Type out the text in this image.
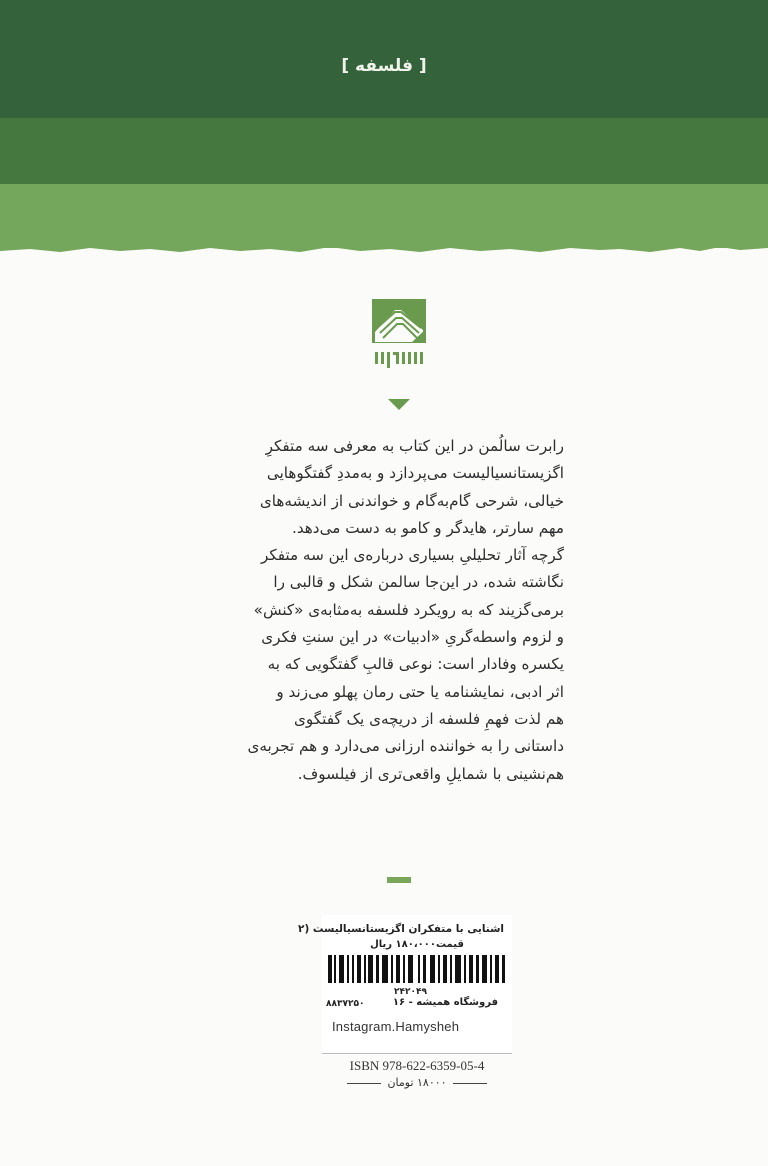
[ فلسفه ]
رابرت سالُمن در این کتاب به معرفی سه متفکرِ
اگزیستانسیالیست می‌پردازد و به‌مددِ گفتگوهایی
خیالی، شرحی گام‌به‌گام و خواندنی از اندیشه‌های
مهم سارتر، هایدگر و کامو به دست می‌دهد.
گرچه آثار تحلیلیِ بسیاری درباره‌ی این سه متفکر
نگاشته شده، در این‌جا سالمن شکل و قالبی را
برمی‌گزیند که به رویکرد فلسفه به‌مثابه‌ی «کنش»
و لزوم واسطه‌گریِ «ادبیات» در این سنتِ فکری
یکسره وفادار است: نوعی قالبِ گفتگویی که به
اثر ادبی، نمایشنامه یا حتی رمان پهلو می‌زند و
هم لذت فهمِ فلسفه از دریچه‌ی یک گفتگوی
داستانی را به خواننده ارزانی می‌دارد و هم تجربه‌ی
هم‌نشینی با شمایلِ واقعی‌تری از فیلسوف.
اشنایی با متفکران اگزیستانسیالیست (۲
قیمت۱۸۰،۰۰۰ ریال
۲۴۲۰۴۹
فروشگاه همیشه - ۱۶
۸۸۳۷۲۵۰
Instagram.Hamysheh
ISBN 978-622-6359-05-4
۱۸۰۰۰ تومان
